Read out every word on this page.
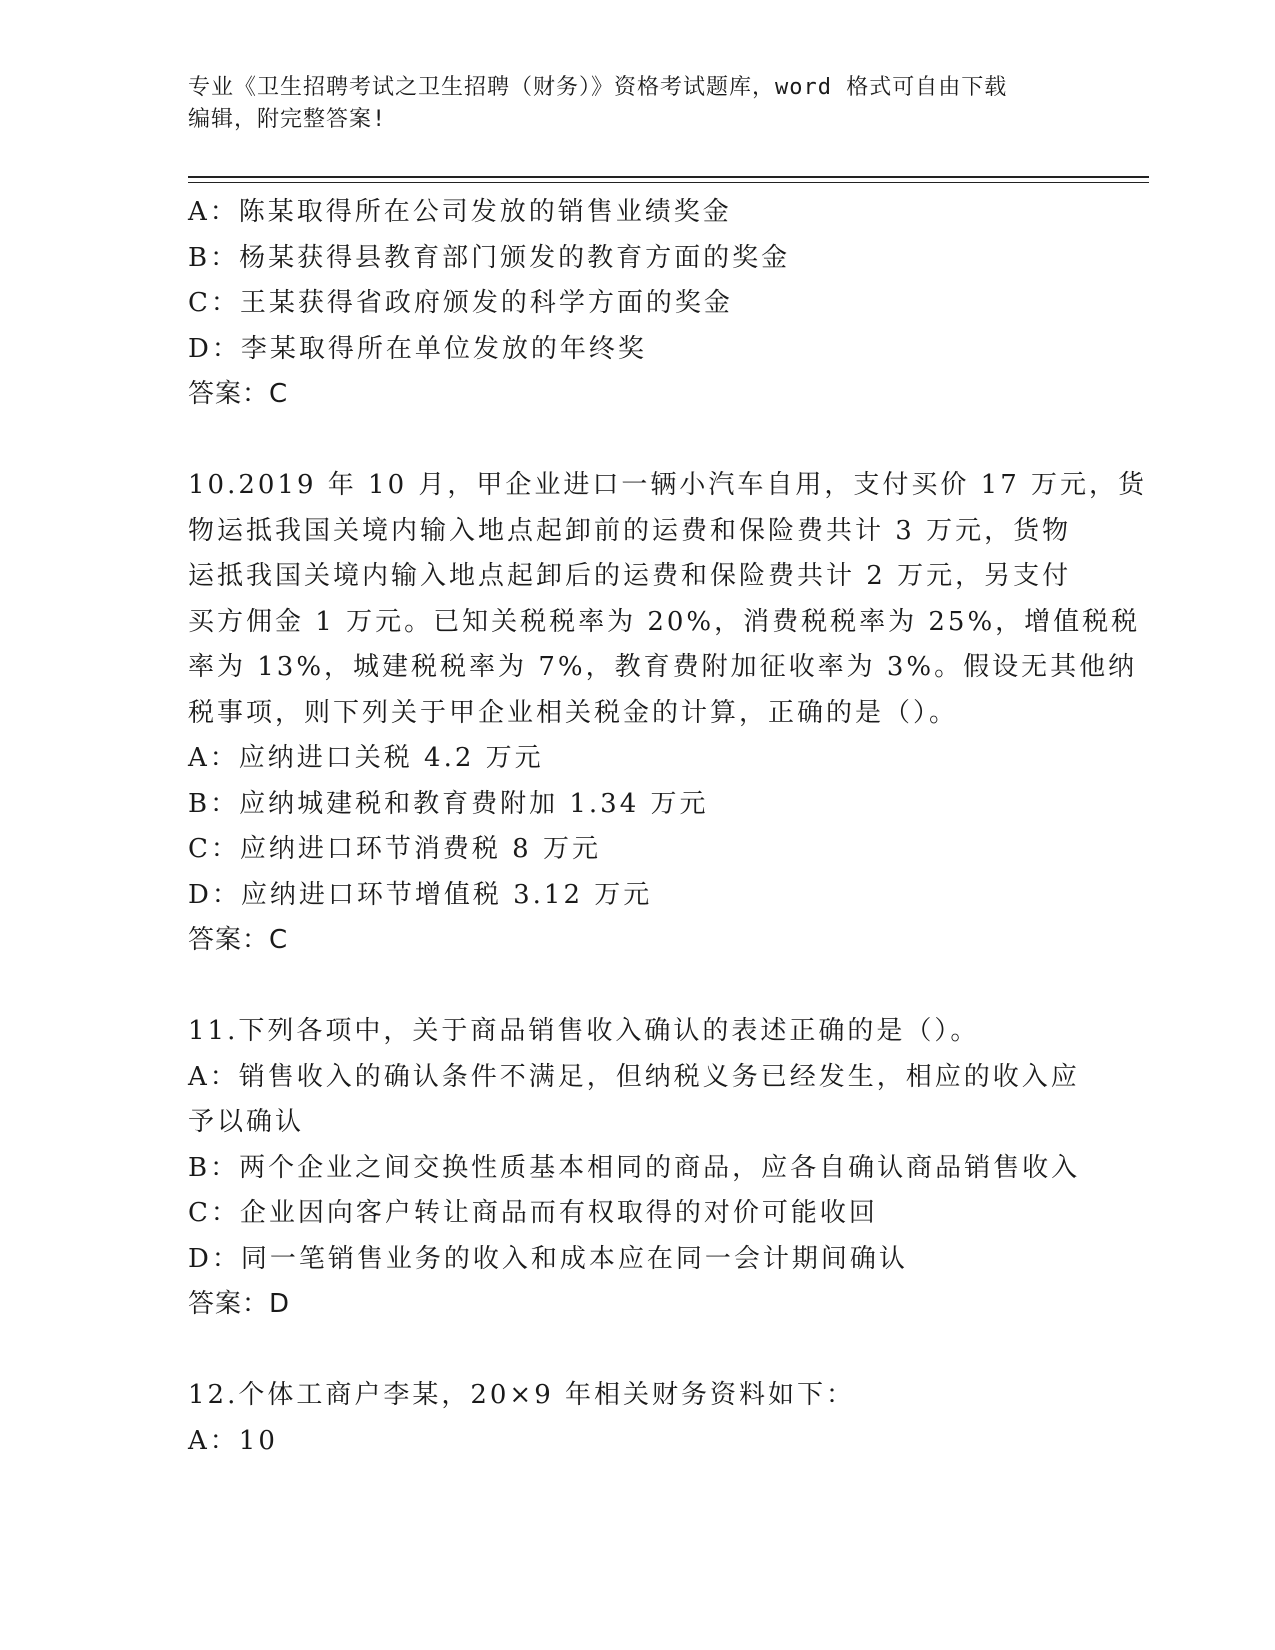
专业《卫生招聘考试之卫生招聘（财务）》资格考试题库，word 格式可自由下载
编辑，附完整答案!
A：陈某取得所在公司发放的销售业绩奖金
B：杨某获得县教育部门颁发的教育方面的奖金
C：王某获得省政府颁发的科学方面的奖金
D：李某取得所在单位发放的年终奖
答案：C
10.2019 年 10 月，甲企业进口一辆小汽车自用，支付买价 17 万元，货
物运抵我国关境内输入地点起卸前的运费和保险费共计 3 万元，货物
运抵我国关境内输入地点起卸后的运费和保险费共计 2 万元，另支付
买方佣金 1 万元。已知关税税率为 20%，消费税税率为 25%，增值税税
率为 13%，城建税税率为 7%，教育费附加征收率为 3%。假设无其他纳
税事项，则下列关于甲企业相关税金的计算，正确的是（）。
A：应纳进口关税 4.2 万元
B：应纳城建税和教育费附加 1.34 万元
C：应纳进口环节消费税 8 万元
D：应纳进口环节增值税 3.12 万元
答案：C
11.下列各项中，关于商品销售收入确认的表述正确的是（）。
A：销售收入的确认条件不满足，但纳税义务已经发生，相应的收入应
予以确认
B：两个企业之间交换性质基本相同的商品，应各自确认商品销售收入
C：企业因向客户转让商品而有权取得的对价可能收回
D：同一笔销售业务的收入和成本应在同一会计期间确认
答案：D
12.个体工商户李某，20×9 年相关财务资料如下：
A：10
